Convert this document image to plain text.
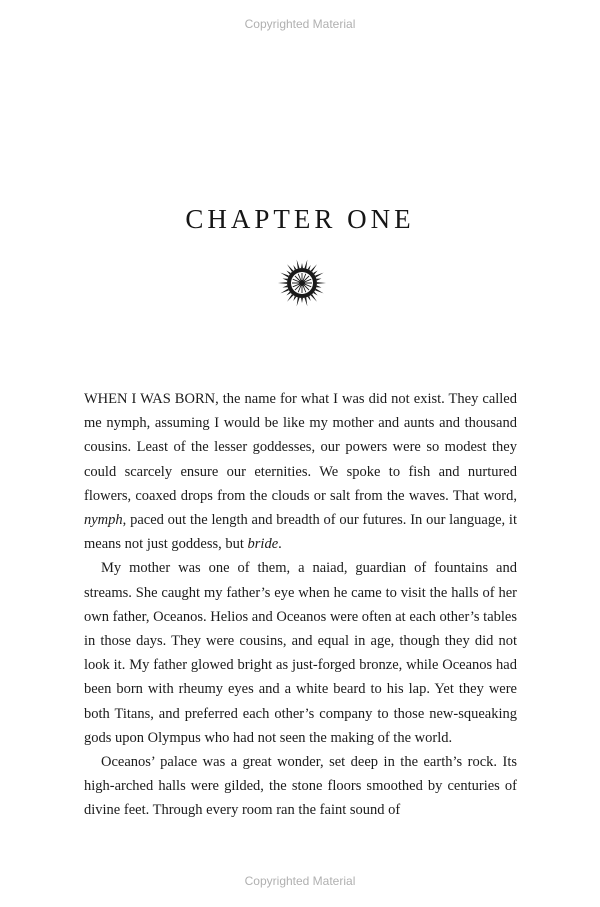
Copyrighted Material
CHAPTER ONE

WHEN I WAS BORN, the name for what I was did not exist. They called me nymph, assuming I would be like my mother and aunts and thousand cousins. Least of the lesser goddesses, our powers were so modest they could scarcely ensure our eternities. We spoke to fish and nurtured flowers, coaxed drops from the clouds or salt from the waves. That word, nymph, paced out the length and breadth of our futures. In our language, it means not just goddess, but bride.

My mother was one of them, a naiad, guardian of fountains and streams. She caught my father’s eye when he came to visit the halls of her own father, Oceanos. Helios and Oceanos were often at each other’s tables in those days. They were cousins, and equal in age, though they did not look it. My father glowed bright as just-forged bronze, while Oceanos had been born with rheumy eyes and a white beard to his lap. Yet they were both Titans, and preferred each other’s company to those new-squeaking gods upon Olympus who had not seen the making of the world.

Oceanos’ palace was a great wonder, set deep in the earth’s rock. Its high-arched halls were gilded, the stone floors smoothed by centuries of divine feet. Through every room ran the faint sound of

Copyrighted Material
